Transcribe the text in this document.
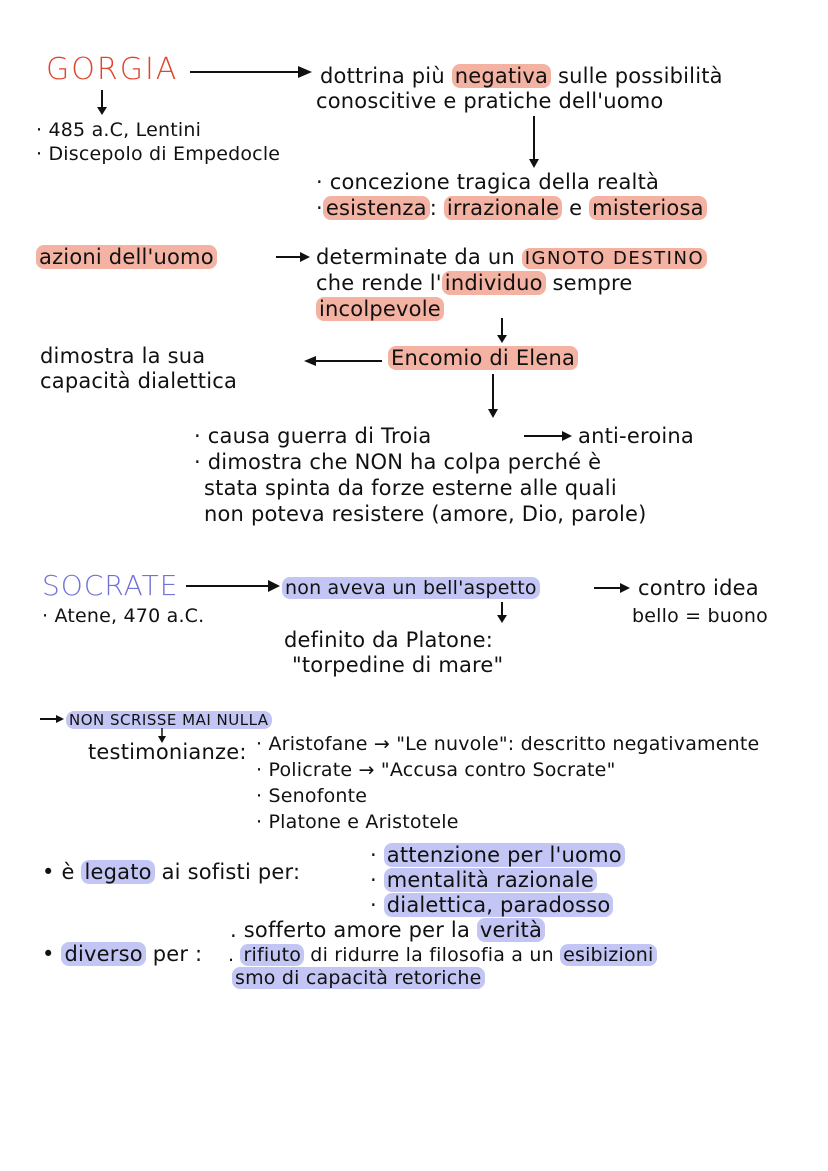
GORGIA
· 485 a.C, Lentini
· Discepolo di Empedocle
dottrina più negativa sulle possibilità
conoscitive e pratiche dell'uomo
· concezione tragica della realtà
· esistenza : irrazionale e misteriosa
azioni dell'uomo	determinate da un IGNOTO DESTINO
che rende l' individuo sempre
incolpevole
Encomio di Elena
dimostra la sua
capacità dialettica
· causa guerra di Troia	anti-eroina
· dimostra che NON ha colpa perché è
stata spinta da forze esterne alle quali
non poteva resistere (amore, Dio, parole)
SOCRATE	non aveva un bell'aspetto	contro idea
bello = buono
· Atene, 470 a.C.
definito da Platone:
"torpedine di mare"
NON SCRISSE MAI NULLA
testimonianze: · Aristofane → "Le nuvole": descritto negativamente
· Policrate → "Accusa contro Socrate"
· Senofonte
· Platone e Aristotele
• è legato ai sofisti per:
· attenzione per l'uomo
· mentalità razionale
· dialettica, paradosso
. sofferto amore per la verità
• diverso per : . rifiuto di ridurre la filosofia a un esibizioni
smo di capacità retoriche
